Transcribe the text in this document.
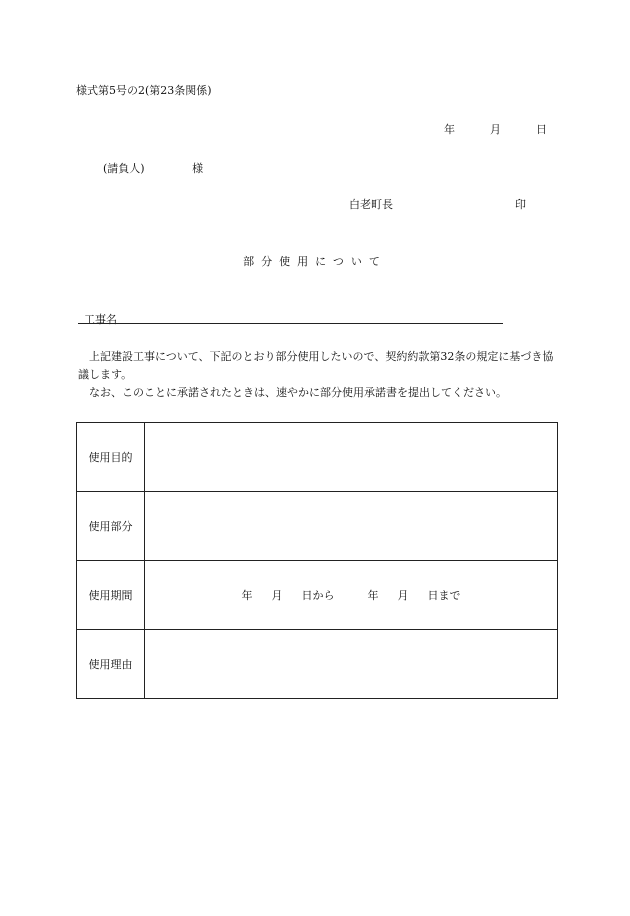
様式第5号の2(第23条関係)
年	月	日
(請負人)	様
白老町長	印
部分使用について
工事名

上記建設工事について、下記のとおり部分使用したいので、契約約款第32条の規定に基づき協議します。

なお、このことに承諾されたときは、速やかに部分使用承諾書を提出してください。

使用目的	
使用部分	
使用期間	年 月 日から 年 月 日まで
使用理由	
